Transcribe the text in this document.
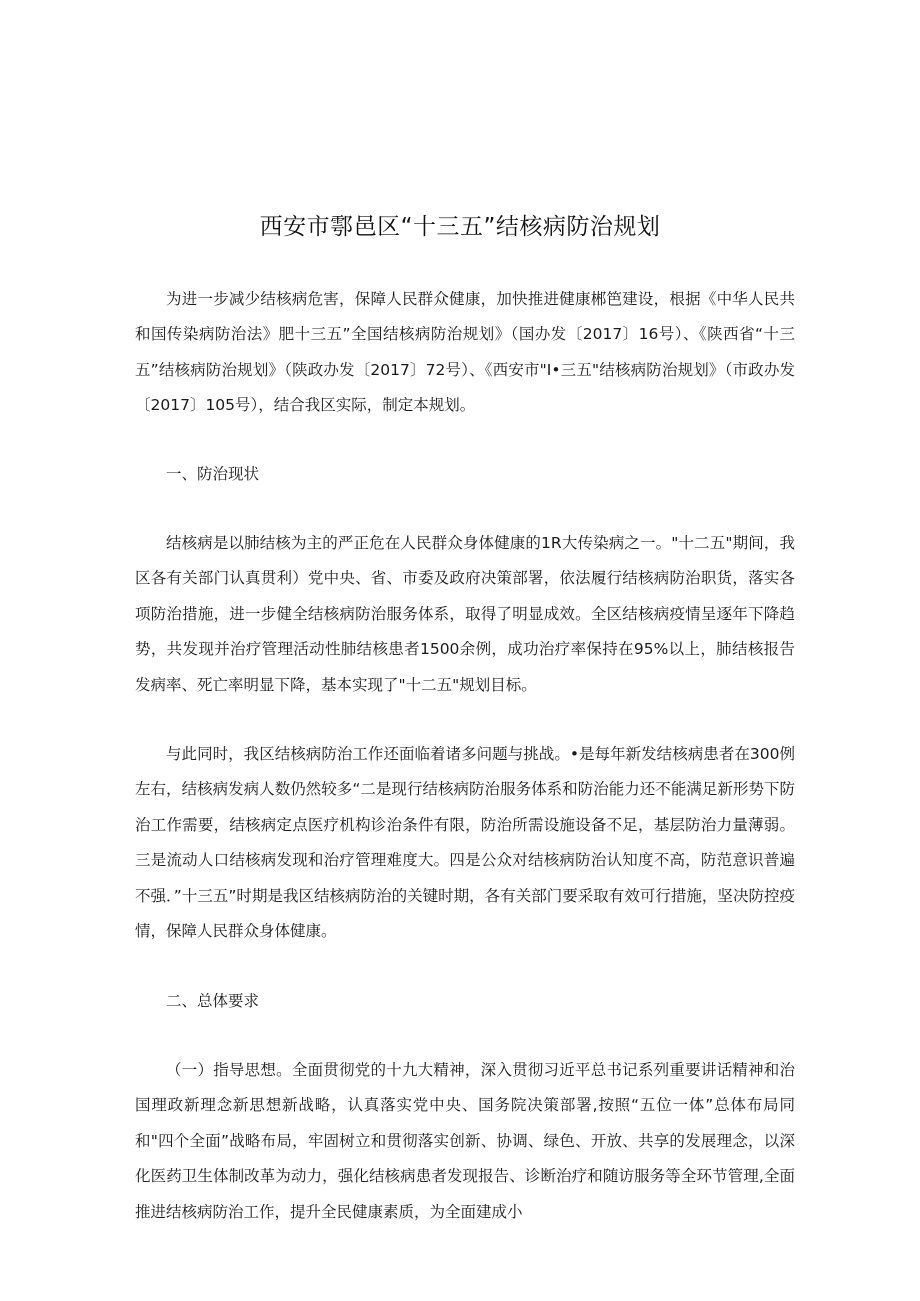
西安市鄠邑区“十三五”结核病防治规划

为进一步减少结核病危害，保障人民群众健康，加快推进健康郴笆建设，根据《中华人民共和国传染病防治法》肥十三五”全国结核病防治规划》（国办发〔2017〕16号）、《陕西省“十三五”结核病防治规划》（陕政办发〔2017〕72号）、《西安市"I•三五"结核病防治规划》（市政办发〔2017〕105号），结合我区实际，制定本规划。

一、防治现状

结核病是以肺结核为主的严正危在人民群众身体健康的1R大传染病之一。"十二五"期间，我区各有关部门认真贯利）党中央、省、市委及政府决策部署，依法履行结核病防治职货，落实各项防治措施，进一步健全结核病防治服务体系，取得了明显成效。全区结核病疫情呈逐年下降趋势，共发现并治疗管理活动性肺结核患者1500余例，成功治疗率保持在95%以上，肺结核报告发病率、死亡率明显下降，基本实现了"十二五"规划目标。

与此同时，我区结核病防治工作还面临着诸多问题与挑战。•是每年新发结核病患者在300例左右，结核病发病人数仍然较多“二是现行结核病防治服务体系和防治能力还不能满足新形势下防治工作需要，结核病定点医疗机构诊治条件有限，防治所需设施设备不足，基层防治力量薄弱。三是流动人口结核病发现和治疗管理难度大。四是公众对结核病防治认知度不高，防范意识普遍不强．”十三五”时期是我区结核病防治的关键时期，各有关部门要采取有效可行措施，坚决防控疫情，保障人民群众身体健康。

二、总体要求

（一）指导思想。全面贯彻党的十九大精神，深入贯彻习近平总书记系列重要讲话精神和治国理政新理念新思想新战略，认真落实党中央、国务院决策部署,按照“五位一体”总体布局同和"四个全面”战略布局，牢固树立和贯彻落实创新、协调、绿色、开放、共享的发展理念，以深化医药卫生体制改革为动力，强化结核病患者发现报告、诊断治疗和随访服务等全环节管理,全面推进结核病防治工作，提升全民健康素质，为全面建成小
